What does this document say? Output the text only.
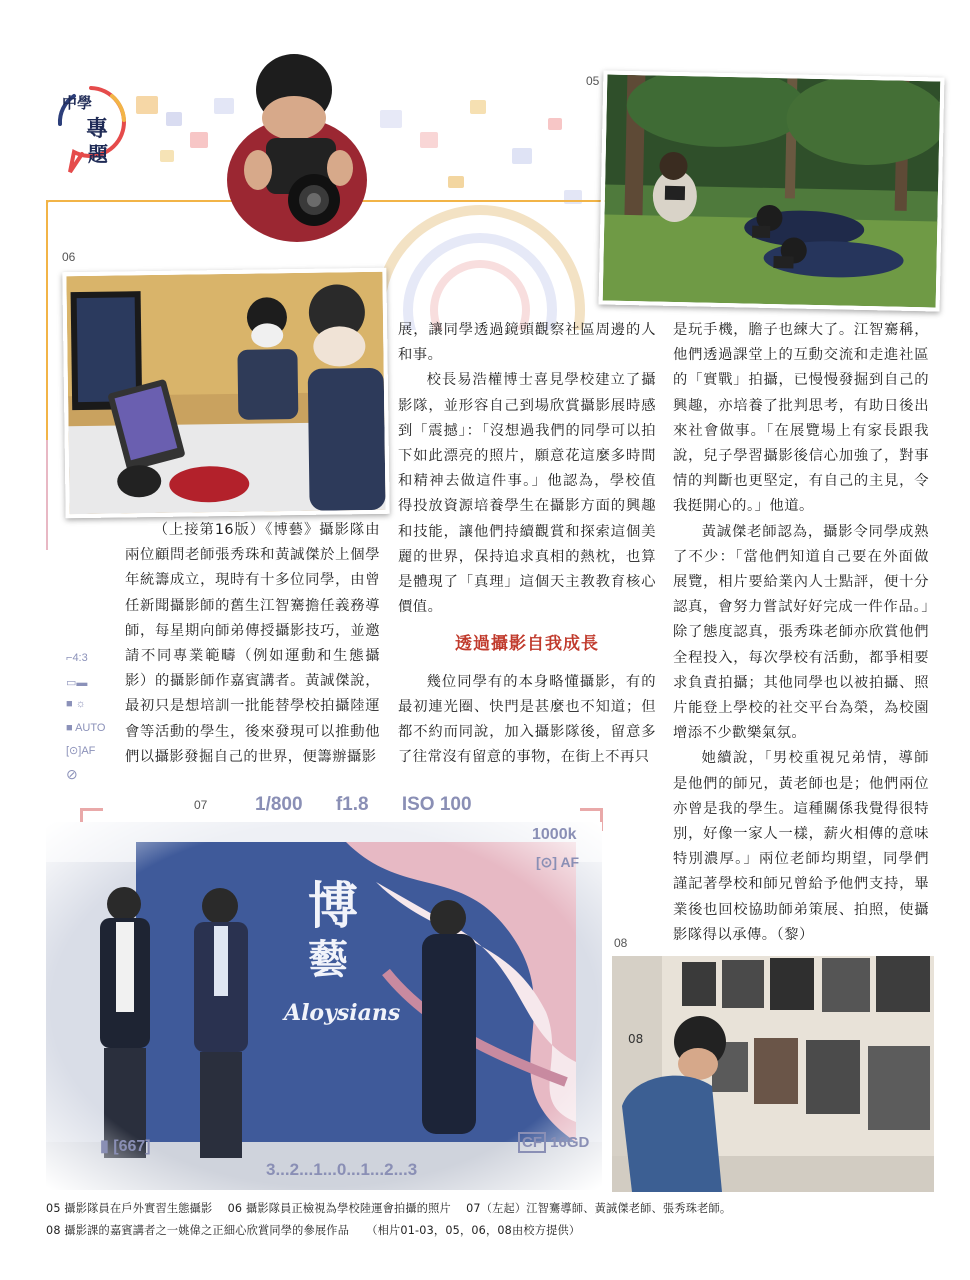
中學
專
題
05
06

（上接第16版）《博藝》攝影隊由兩位顧問老師張秀珠和黃誠傑於上個學年統籌成立，現時有十多位同學，由曾任新聞攝影師的舊生江智騫擔任義務導師，每星期向師弟傳授攝影技巧，並邀請不同專業範疇（例如運動和生態攝影）的攝影師作嘉賓講者。黃誠傑說，最初只是想培訓一批能替學校拍攝陸運會等活動的學生，後來發現可以推動他們以攝影發掘自己的世界，便籌辦攝影

⌐4:3
▭▬
■ ☼
■ AUTO
[⊙]AF
⊘

展，讓同學透過鏡頭觀察社區周邊的人和事。

校長易浩權博士喜見學校建立了攝影隊，並形容自己到場欣賞攝影展時感到「震撼」：「沒想過我們的同學可以拍下如此漂亮的照片，願意花這麼多時間和精神去做這件事。」他認為，學校值得投放資源培養學生在攝影方面的興趣和技能，讓他們持續觀賞和探索這個美麗的世界，保持追求真相的熱枕，也算是體現了「真理」這個天主教教育核心價值。

透過攝影自我成長

幾位同學有的本身略懂攝影，有的最初連光圈、快門是甚麼也不知道；但都不約而同說，加入攝影隊後，留意多了往常沒有留意的事物，在街上不再只

是玩手機，膽子也練大了。江智騫稱，他們透過課堂上的互動交流和走進社區的「實戰」拍攝，已慢慢發掘到自己的興趣，亦培養了批判思考，有助日後出來社會做事。「在展覽場上有家長跟我說，兒子學習攝影後信心加強了，對事情的判斷也更堅定，有自己的主見，令我挺開心的。」他道。

黃誠傑老師認為，攝影令同學成熟了不少：「當他們知道自己要在外面做展覽，相片要給業內人士點評，便十分認真，會努力嘗試好好完成一件作品。」除了態度認真，張秀珠老師亦欣賞他們全程投入，每次學校有活動，都爭相要求負責拍攝；其他同學也以被拍攝、照片能登上學校的社交平台為榮，為校園增添不少歡樂氣氛。

她續說，「男校重視兄弟情，導師是他們的師兄，黃老師也是；他們兩位亦曾是我的學生。這種關係我覺得很特別，好像一家人一樣，薪火相傳的意味特別濃厚。」兩位老師均期望，同學們謹記著學校和師兄曾給予他們支持，畢業後也回校協助師弟策展、拍照，使攝影隊得以承傳。（黎）

07	1/800 f1.8 ISO 100
1000k
[⊙] AF
▮ [667]	CF 16GD
3...2...1...0...1...2...3
08
08
05 攝影隊員在戶外實習生態攝影　 06 攝影隊員正檢視為學校陸運會拍攝的照片　 07（左起）江智騫導師、黃誠傑老師、張秀珠老師。
08 攝影課的嘉賓講者之一姚偉之正細心欣賞同學的參展作品　　（相片01-03，05，06，08由校方提供）
